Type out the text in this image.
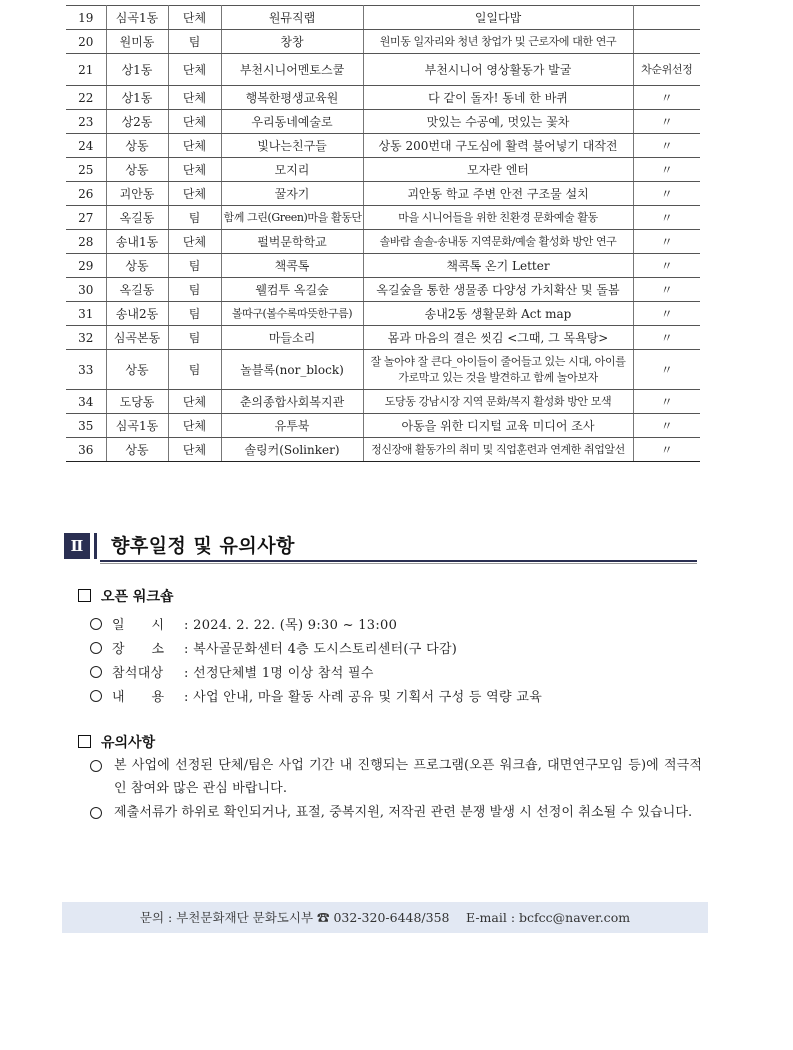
19	심곡1동	단체	원뮤직랩	일일다밥	
20	원미동	팀	창창	원미동 일자리와 청년 창업가 및 근로자에 대한 연구	
21	상1동	단체	부천시니어멘토스쿨	부천시니어 영상활동가 발굴	차순위선정
22	상1동	단체	행복한평생교육원	다 같이 돌자! 동네 한 바퀴	〃
23	상2동	단체	우리동네예술로	맛있는 수공예, 멋있는 꽃차	〃
24	상동	단체	빛나는친구들	상동 200번대 구도심에 활력 불어넣기 대작전	〃
25	상동	단체	모지리	모자란 엔터	〃
26	괴안동	단체	꿀자기	괴안동 학교 주변 안전 구조물 설치	〃
27	옥길동	팀	함께 그린(Green)마을 활동단	마을 시니어들을 위한 친환경 문화예술 활동	〃
28	송내1동	단체	펄벅문학학교	솔바람 솔솔-송내동 지역문화/예술 활성화 방안 연구	〃
29	상동	팀	책콕톡	책콕톡 온기 Letter	〃
30	옥길동	팀	웰컴투 옥길숲	옥길숲을 통한 생물종 다양성 가치확산 및 돌봄	〃
31	송내2동	팀	볼따구(볼수록따뜻한구름)	송내2동 생활문화 Act map	〃
32	심곡본동	팀	마들소리	몸과 마음의 결은 씻김 <그때, 그 목욕탕>	〃
33	상동	팀	놀블록(nor_block)	잘 놀아야 잘 큰다_아이들이 줄어들고 있는 시대, 아이를 가로막고 있는 것을 발견하고 함께 놀아보자	〃
34	도당동	단체	춘의종합사회복지관	도당동 강남시장 지역 문화/복지 활성화 방안 모색	〃
35	심곡1동	단체	유투북	아동을 위한 디지털 교육 미디어 조사	〃
36	상동	단체	솔링커(Solinker)	정신장애 활동가의 취미 및 직업훈련과 연계한 취업알선	〃
Ⅱ	향후일정 및 유의사항
오픈 워크숍
일　　시 : 2024. 2. 22. (목) 9:30 ~ 13:00
장　　소 : 복사골문화센터 4층 도시스토리센터(구 다감)
참석대상 : 선정단체별 1명 이상 참석 필수
내　　용 : 사업 안내, 마을 활동 사례 공유 및 기획서 구성 등 역량 교육
유의사항
본 사업에 선정된 단체/팀은 사업 기간 내 진행되는 프로그램(오픈 워크숍, 대면연구모임 등)에 적극적인 참여와 많은 관심 바랍니다.
제출서류가 하위로 확인되거나, 표절, 중복지원, 저작권 관련 분쟁 발생 시 선정이 취소될 수 있습니다.
문의 : 부천문화재단 문화도시부 ☎ 032-320-6448/358　 E-mail : bcfcc@naver.com
